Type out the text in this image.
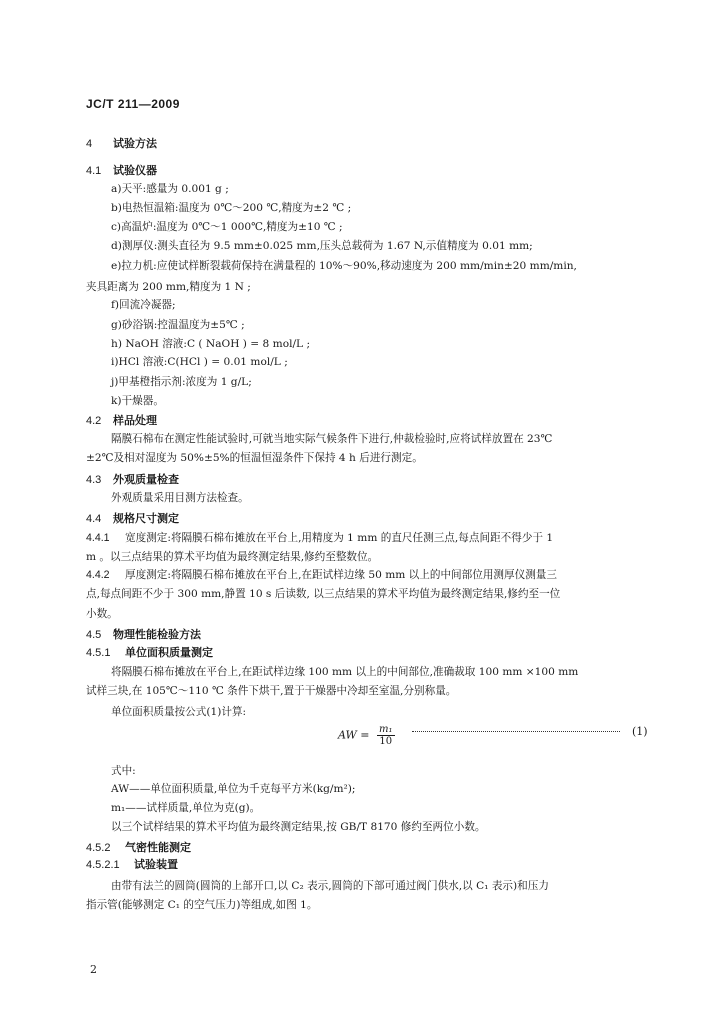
JC/T 211—2009
4 试验方法
4.1 试验仪器
a)天平:感量为 0.001 g ;
b)电热恒温箱:温度为 0℃～200 ℃,精度为±2 ℃ ;
c)高温炉:温度为 0℃～1 000℃,精度为±10 ℃ ;
d)测厚仪:测头直径为 9.5 mm±0.025 mm,压头总载荷为 1.67 N,示值精度为 0.01 mm;
e)拉力机:应使试样断裂载荷保持在满量程的 10%～90%,移动速度为 200 mm/min±20 mm/min,
夹具距离为 200 mm,精度为 1 N ;
f)回流冷凝器;
g)砂浴锅:控温温度为±5℃ ;
h) NaOH 溶液:C ( NaOH ) = 8 mol/L ;
i)HCl 溶液:C(HCl ) = 0.01 mol/L ;
j)甲基橙指示剂:浓度为 1 g/L;
k)干燥器。
4.2 样品处理
隔膜石棉布在测定性能试验时,可就当地实际气候条件下进行,仲裁检验时,应将试样放置在 23℃
±2℃及相对湿度为 50%±5%的恒温恒湿条件下保持 4 h 后进行测定。
4.3 外观质量检查
外观质量采用目测方法检查。
4.4 规格尺寸测定
4.4.1 宽度测定:将隔膜石棉布摊放在平台上,用精度为 1 mm 的直尺任测三点,每点间距不得少于 1
m 。以三点结果的算术平均值为最终测定结果,修约至整数位。
4.4.2 厚度测定:将隔膜石棉布摊放在平台上,在距试样边缘 50 mm 以上的中间部位用测厚仪测量三
点,每点间距不少于 300 mm,静置 10 s 后读数, 以三点结果的算术平均值为最终测定结果,修约至一位
小数。
4.5 物理性能检验方法
4.5.1 单位面积质量测定
将隔膜石棉布摊放在平台上,在距试样边缘 100 mm 以上的中间部位,准确裁取 100 mm ×100 mm
试样三块,在 105℃～110 ℃ 条件下烘干,置于干燥器中冷却至室温,分别称量。
单位面积质量按公式(1)计算:
式中:
AW——单位面积质量,单位为千克每平方米(kg/m²);
m₁——试样质量,单位为克(g)。
以三个试样结果的算术平均值为最终测定结果,按 GB/T 8170 修约至两位小数。
4.5.2 气密性能测定
4.5.2.1 试验装置
由带有法兰的圆筒(圆筒的上部开口,以 C₂ 表示,圆筒的下部可通过阀门供水,以 C₁ 表示)和压力
指示管(能够测定 C₁ 的空气压力)等组成,如图 1。
AW = $\frac{\text{m₁}}{10}$	(1)
2
